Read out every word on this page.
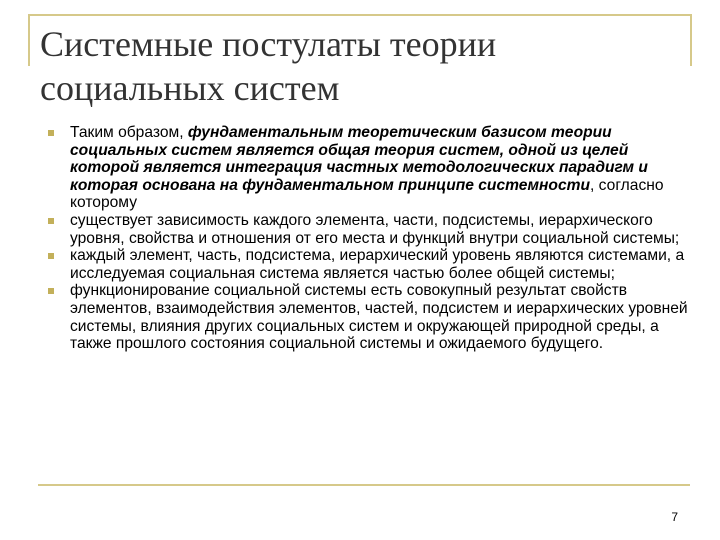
Системные постулаты теории
социальных систем

Таким образом, фундаментальным теоретическим базисом теории социальных систем является общая теория систем, одной из целей которой является интеграция частных методологических парадигм и которая основана на фундаментальном принципе системности, согласно которому

существует зависимость каждого элемента, части, подсистемы, иерархического уровня, свойства и отношения от его места и функций внутри социальной системы;

каждый элемент, часть, подсистема, иерархический уровень являются системами, а исследуемая социальная система является частью более общей системы;

функционирование социальной системы есть совокупный результат свойств элементов, взаимодействия элементов, частей, подсистем и иерархических уровней системы, влияния других социальных систем и окружающей природной среды, а также прошлого состояния социальной системы и ожидаемого будущего.

7
